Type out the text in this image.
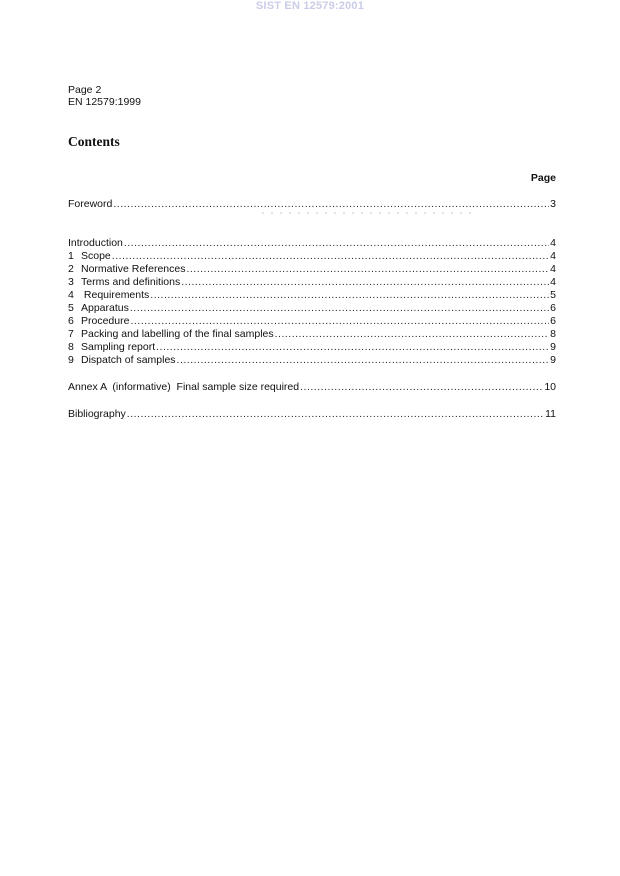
SIST EN 12579:2001
Page 2
EN 12579:1999
Contents
Page
Foreword .....	3
Introduction .....	4
1 Scope .....	4
2 Normative References .....	4
3 Terms and definitions .....	4
4 Requirements .....	5
5 Apparatus .....	6
6 Procedure .....	6
7 Packing and labelling of the final samples .....	8
8 Sampling report .....	9
9 Dispatch of samples .....	9
Annex A  (informative)  Final sample size required .....	10
Bibliography .....	11
